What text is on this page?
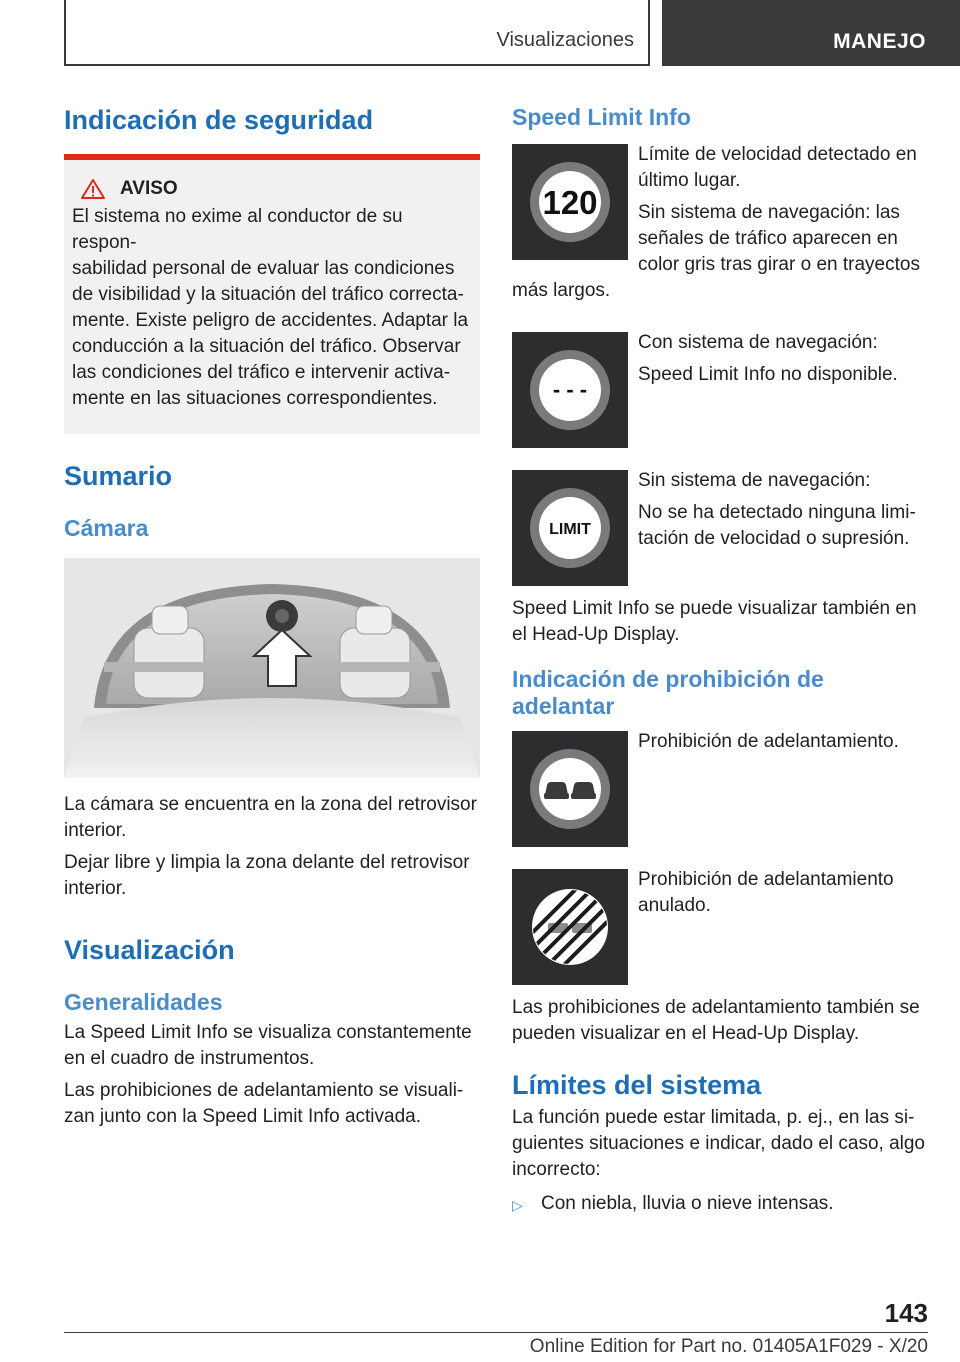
Visualizaciones	MANEJO
Indicación de seguridad
AVISO

El sistema no exime al conductor de su respon-

sabilidad personal de evaluar las condiciones

de visibilidad y la situación del tráfico correcta-

mente. Existe peligro de accidentes. Adaptar la

conducción a la situación del tráfico. Observar

las condiciones del tráfico e intervenir activa-

mente en las situaciones correspondientes.

Sumario
Cámara

La cámara se encuentra en la zona del retrovisor interior.

Dejar libre y limpia la zona delante del retrovisor interior.

Visualización
Generalidades

La Speed Limit Info se visualiza constantemente en el cuadro de instrumentos.

Las prohibiciones de adelantamiento se visuali-zan junto con la Speed Limit Info activada.

Speed Limit Info
120

Límite de velocidad detectado en último lugar.

Sin sistema de navegación: las señales de tráfico aparecen en color gris tras girar o en trayectos

más largos.

- - -

Con sistema de navegación:

Speed Limit Info no disponible.

LIMIT

Sin sistema de navegación:

No se ha detectado ninguna limi-tación de velocidad o supresión.

Speed Limit Info se puede visualizar también en el Head-Up Display.

Indicación de prohibición de adelantar

Prohibición de adelantamiento.

Prohibición de adelantamiento anulado.

Las prohibiciones de adelantamiento también se pueden visualizar en el Head-Up Display.

Límites del sistema

La función puede estar limitada, p. ej., en las si-guientes situaciones e indicar, dado el caso, algo incorrecto:

▷ Con niebla, lluvia o nieve intensas.
143
Online Edition for Part no. 01405A1F029 - X/20
